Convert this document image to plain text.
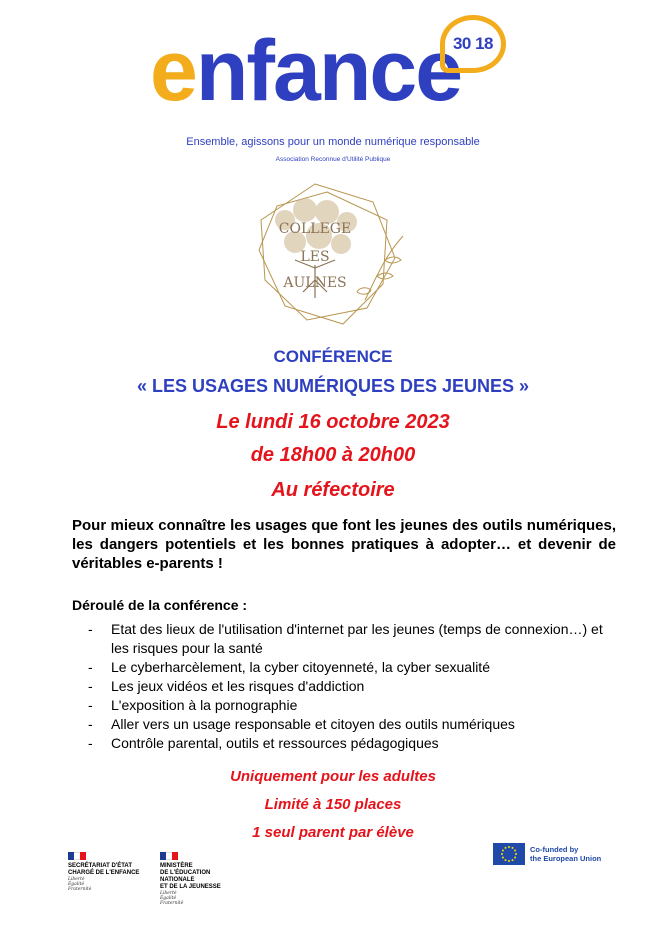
enfance
30 18
Ensemble, agissons pour un monde numérique responsable
Association Reconnue d'Utilité Publique
COLLEGE
LES
AULNES
CONFÉRENCE
« LES USAGES NUMÉRIQUES DES JEUNES »
Le lundi 16 octobre 2023
de 18h00 à 20h00
Au réfectoire
Pour mieux connaître les usages que font les jeunes des outils numériques, les dangers potentiels et les bonnes pratiques à adopter… et devenir de véritables e-parents !
Déroulé de la conférence :
- Etat des lieux de l'utilisation d'internet par les jeunes (temps de connexion…) et les risques pour la santé
- Le cyberharcèlement, la cyber citoyenneté, la cyber sexualité
- Les jeux vidéos et les risques d'addiction
- L'exposition à la pornographie
- Aller vers un usage responsable et citoyen des outils numériques
- Contrôle parental, outils et ressources pédagogiques
Uniquement pour les adultes
Limité à 150 places
1 seul parent par élève
SECRÉTARIAT D'ÉTAT
CHARGÉ DE L'ENFANCE
Liberté
Égalité
Fraternité
MINISTÈRE
DE L'ÉDUCATION
NATIONALE
ET DE LA JEUNESSE
Liberté
Égalité
Fraternité
Co-funded by
the European Union
